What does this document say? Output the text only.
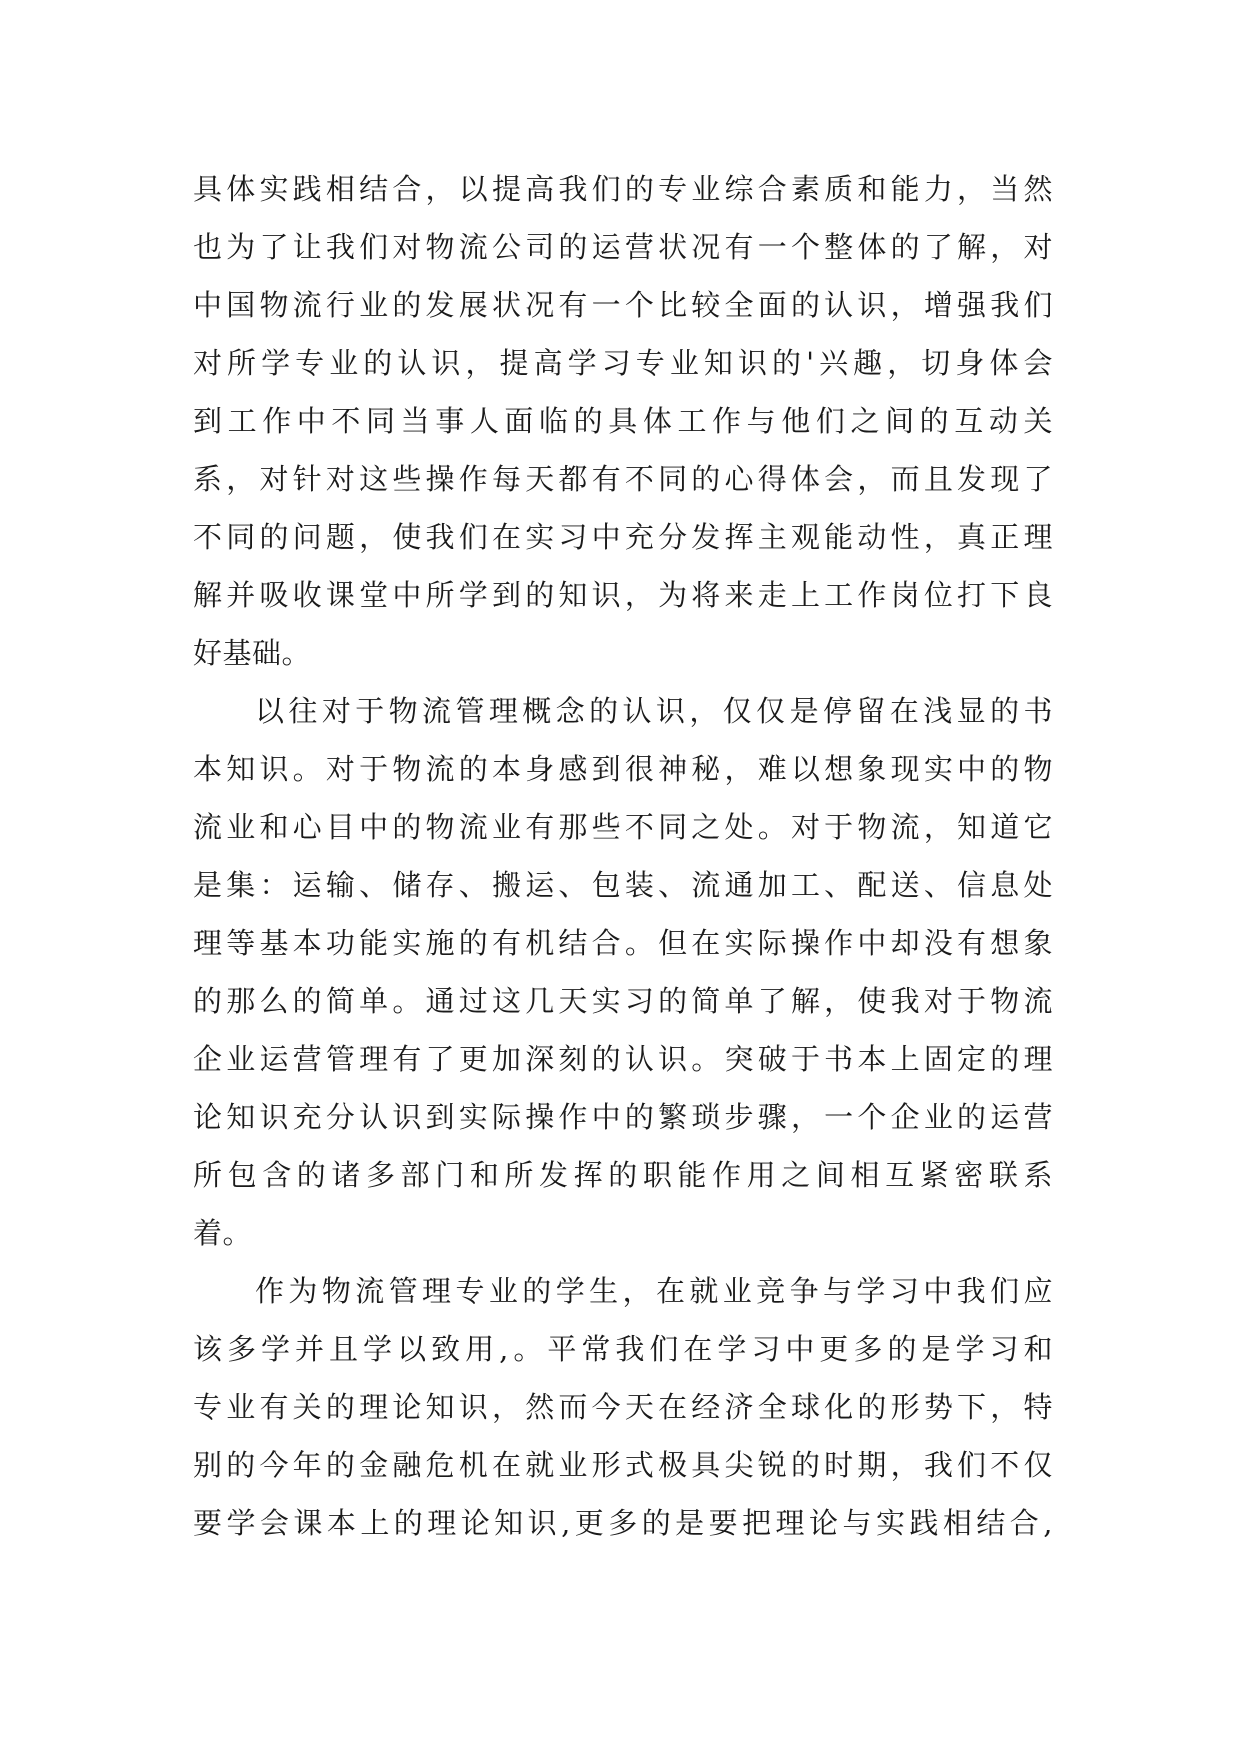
具体实践相结合，以提高我们的专业综合素质和能力，当然
也为了让我们对物流公司的运营状况有一个整体的了解，对
中国物流行业的发展状况有一个比较全面的认识，增强我们
对所学专业的认识，提高学习专业知识的'兴趣，切身体会
到工作中不同当事人面临的具体工作与他们之间的互动关
系，对针对这些操作每天都有不同的心得体会，而且发现了
不同的问题，使我们在实习中充分发挥主观能动性，真正理
解并吸收课堂中所学到的知识，为将来走上工作岗位打下良
好基础。
以往对于物流管理概念的认识，仅仅是停留在浅显的书
本知识。对于物流的本身感到很神秘，难以想象现实中的物
流业和心目中的物流业有那些不同之处。对于物流，知道它
是集：运输、储存、搬运、包装、流通加工、配送、信息处
理等基本功能实施的有机结合。但在实际操作中却没有想象
的那么的简单。通过这几天实习的简单了解，使我对于物流
企业运营管理有了更加深刻的认识。突破于书本上固定的理
论知识充分认识到实际操作中的繁琐步骤，一个企业的运营
所包含的诸多部门和所发挥的职能作用之间相互紧密联系
着。
作为物流管理专业的学生，在就业竞争与学习中我们应
该多学并且学以致用,。平常我们在学习中更多的是学习和
专业有关的理论知识，然而今天在经济全球化的形势下，特
别的今年的金融危机在就业形式极具尖锐的时期，我们不仅
要学会课本上的理论知识,更多的是要把理论与实践相结合,
